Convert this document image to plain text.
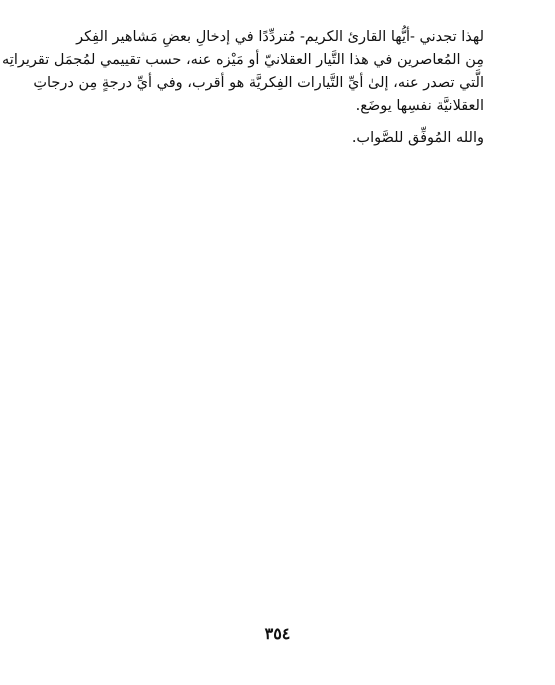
لهذا تجدني -أيُّها القارئ الكريم- مُتردِّدًا في إدخالِ بعضِ مَشاهير الفِكر
مِن المُعاصرين في هذا التَّيار العقلانيّ أو مَيْزه عنه، حسب تقييمي لمُجمَل تقريراتِه
الَّتي تصدر عنه، إلىٰ أيِّ التَّيارات الفِكريَّة هو أقرب، وفي أيِّ درجةٍ مِن درجاتِ
العقلانيَّة نفسِها يوضَع.
والله المُوفِّق للصَّواب.
٣٥٤
